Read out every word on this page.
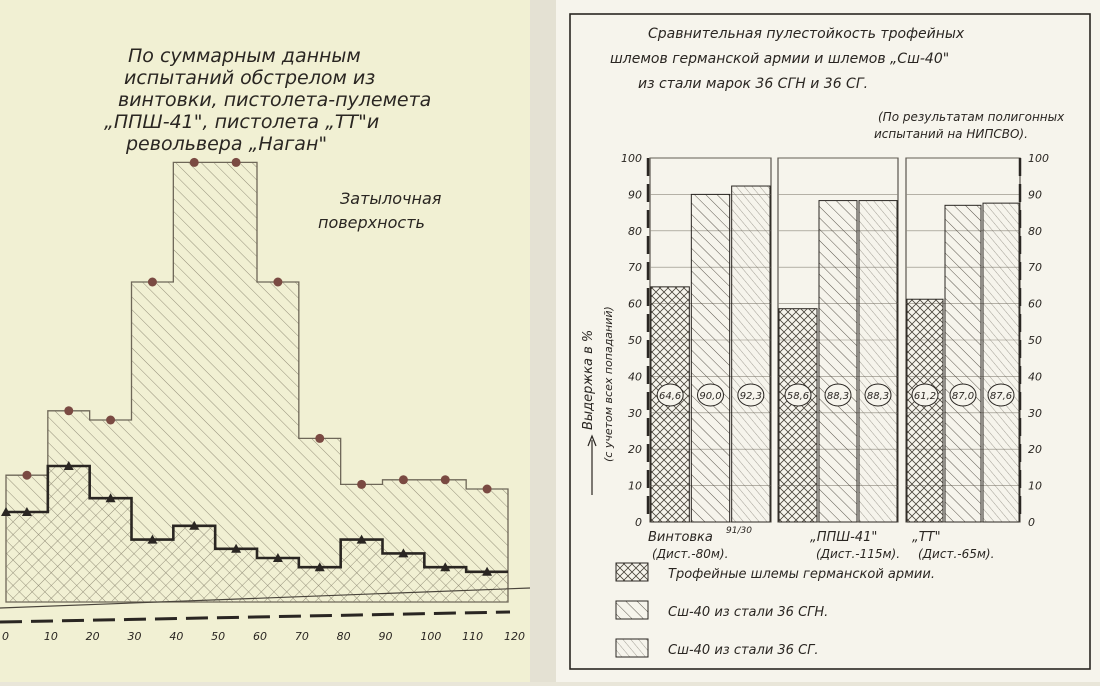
По суммарным данным
испытаний обстрелом из
винтовки, пистолета-пулемета
„ППШ-41", пистолета „ТТ"и
револьвера „Наган"
Затылочная
поверхность
0	10	20	30	40	50	60	70	80	90	100 110 120
Сравнительная пулестойкость трофейных
шлемов германской армии и шлемов „Сш-40"
из стали марок 36 СГН и 36 СГ.
(По результатам полигонных
испытаний на НИПСВО).
64,6 90,0 92,3 58,6 88,3 88,3 61,2 87,0 87,6
0	0
10	10
20	20
30	30
40	40
50	50
60	60
70	70
80	80
90	90
100	100
Выдержка в % (с учетом всех попаданий)
Винтовка 91/30
(Дист.-80м).
„ППШ-41"
(Дист.-115м).
„ТТ"
(Дист.-65м).
Трофейные шлемы германской армии.
Сш-40 из стали 36 СГН.
Сш-40 из стали 36 СГ.
